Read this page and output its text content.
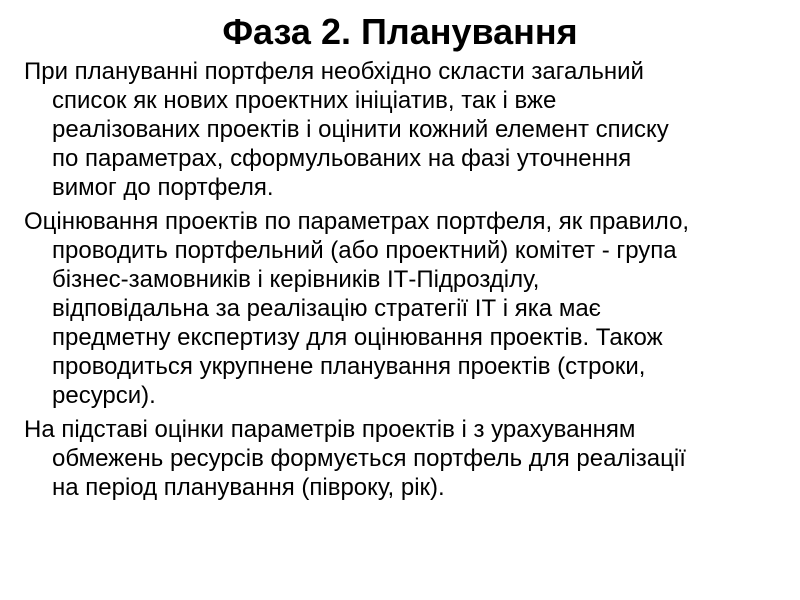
Фаза 2. Планування

При плануванні портфеля необхідно скласти загальний
список як нових проектних ініціатив, так і вже
реалізованих проектів і оцінити кожний елемент списку
по параметрах, сформульованих на фазі уточнення
вимог до портфеля.

Оцінювання проектів по параметрах портфеля, як правило,
проводить портфельний (або проектний) комітет - група
бізнес-замовників і керівників ІТ-Підрозділу,
відповідальна за реалізацію стратегії ІТ і яка має
предметну експертизу для оцінювання проектів. Також
проводиться укрупнене планування проектів (строки,
ресурси).

На підставі оцінки параметрів проектів і з урахуванням
обмежень ресурсів формується портфель для реалізації
на період планування (півроку, рік).
